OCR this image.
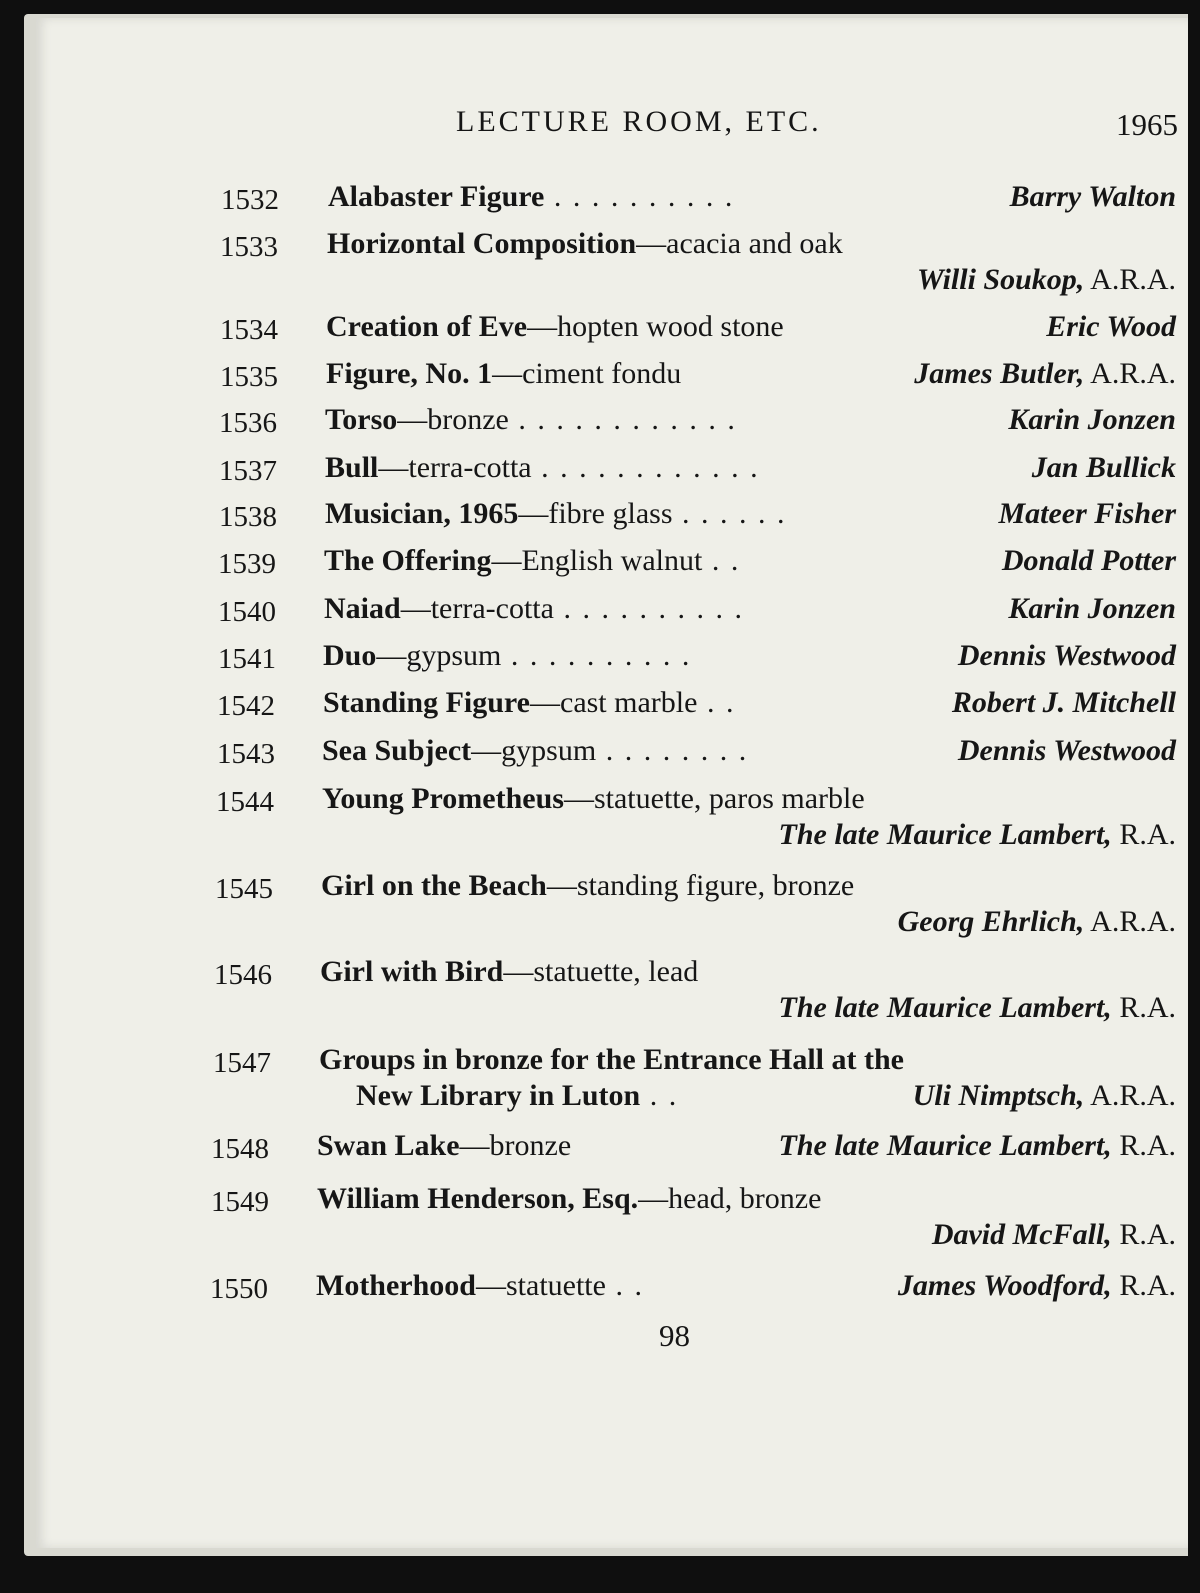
LECTURE ROOM, ETC.	1965
1532 Alabaster Figure . . . . . . . . . .	Barry Walton
1533 Horizontal Composition—acacia and oak
Willi Soukop, A.R.A.
1534 Creation of Eve—hopten wood stone	Eric Wood
1535 Figure, No. 1—ciment fondu	James Butler, A.R.A.
1536 Torso—bronze . . . . . . . . . . . .	Karin Jonzen
1537 Bull—terra-cotta . . . . . . . . . . . .	Jan Bullick
1538 Musician, 1965—fibre glass . . . . . .	Mateer Fisher
1539 The Offering—English walnut . .	Donald Potter
1540 Naiad—terra-cotta . . . . . . . . . .	Karin Jonzen
1541 Duo—gypsum . . . . . . . . . .	Dennis Westwood
1542 Standing Figure—cast marble . .	Robert J. Mitchell
1543 Sea Subject—gypsum . . . . . . . .	Dennis Westwood
1544 Young Prometheus—statuette, paros marble
The late Maurice Lambert, R.A.
1545 Girl on the Beach—standing figure, bronze
Georg Ehrlich, A.R.A.
1546 Girl with Bird—statuette, lead
The late Maurice Lambert, R.A.
1547 Groups in bronze for the Entrance Hall at the
New Library in Luton . .	Uli Nimptsch, A.R.A.
1548 Swan Lake—bronze	The late Maurice Lambert, R.A.
1549 William Henderson, Esq.—head, bronze
David McFall, R.A.
1550 Motherhood—statuette . .	James Woodford, R.A.
98
